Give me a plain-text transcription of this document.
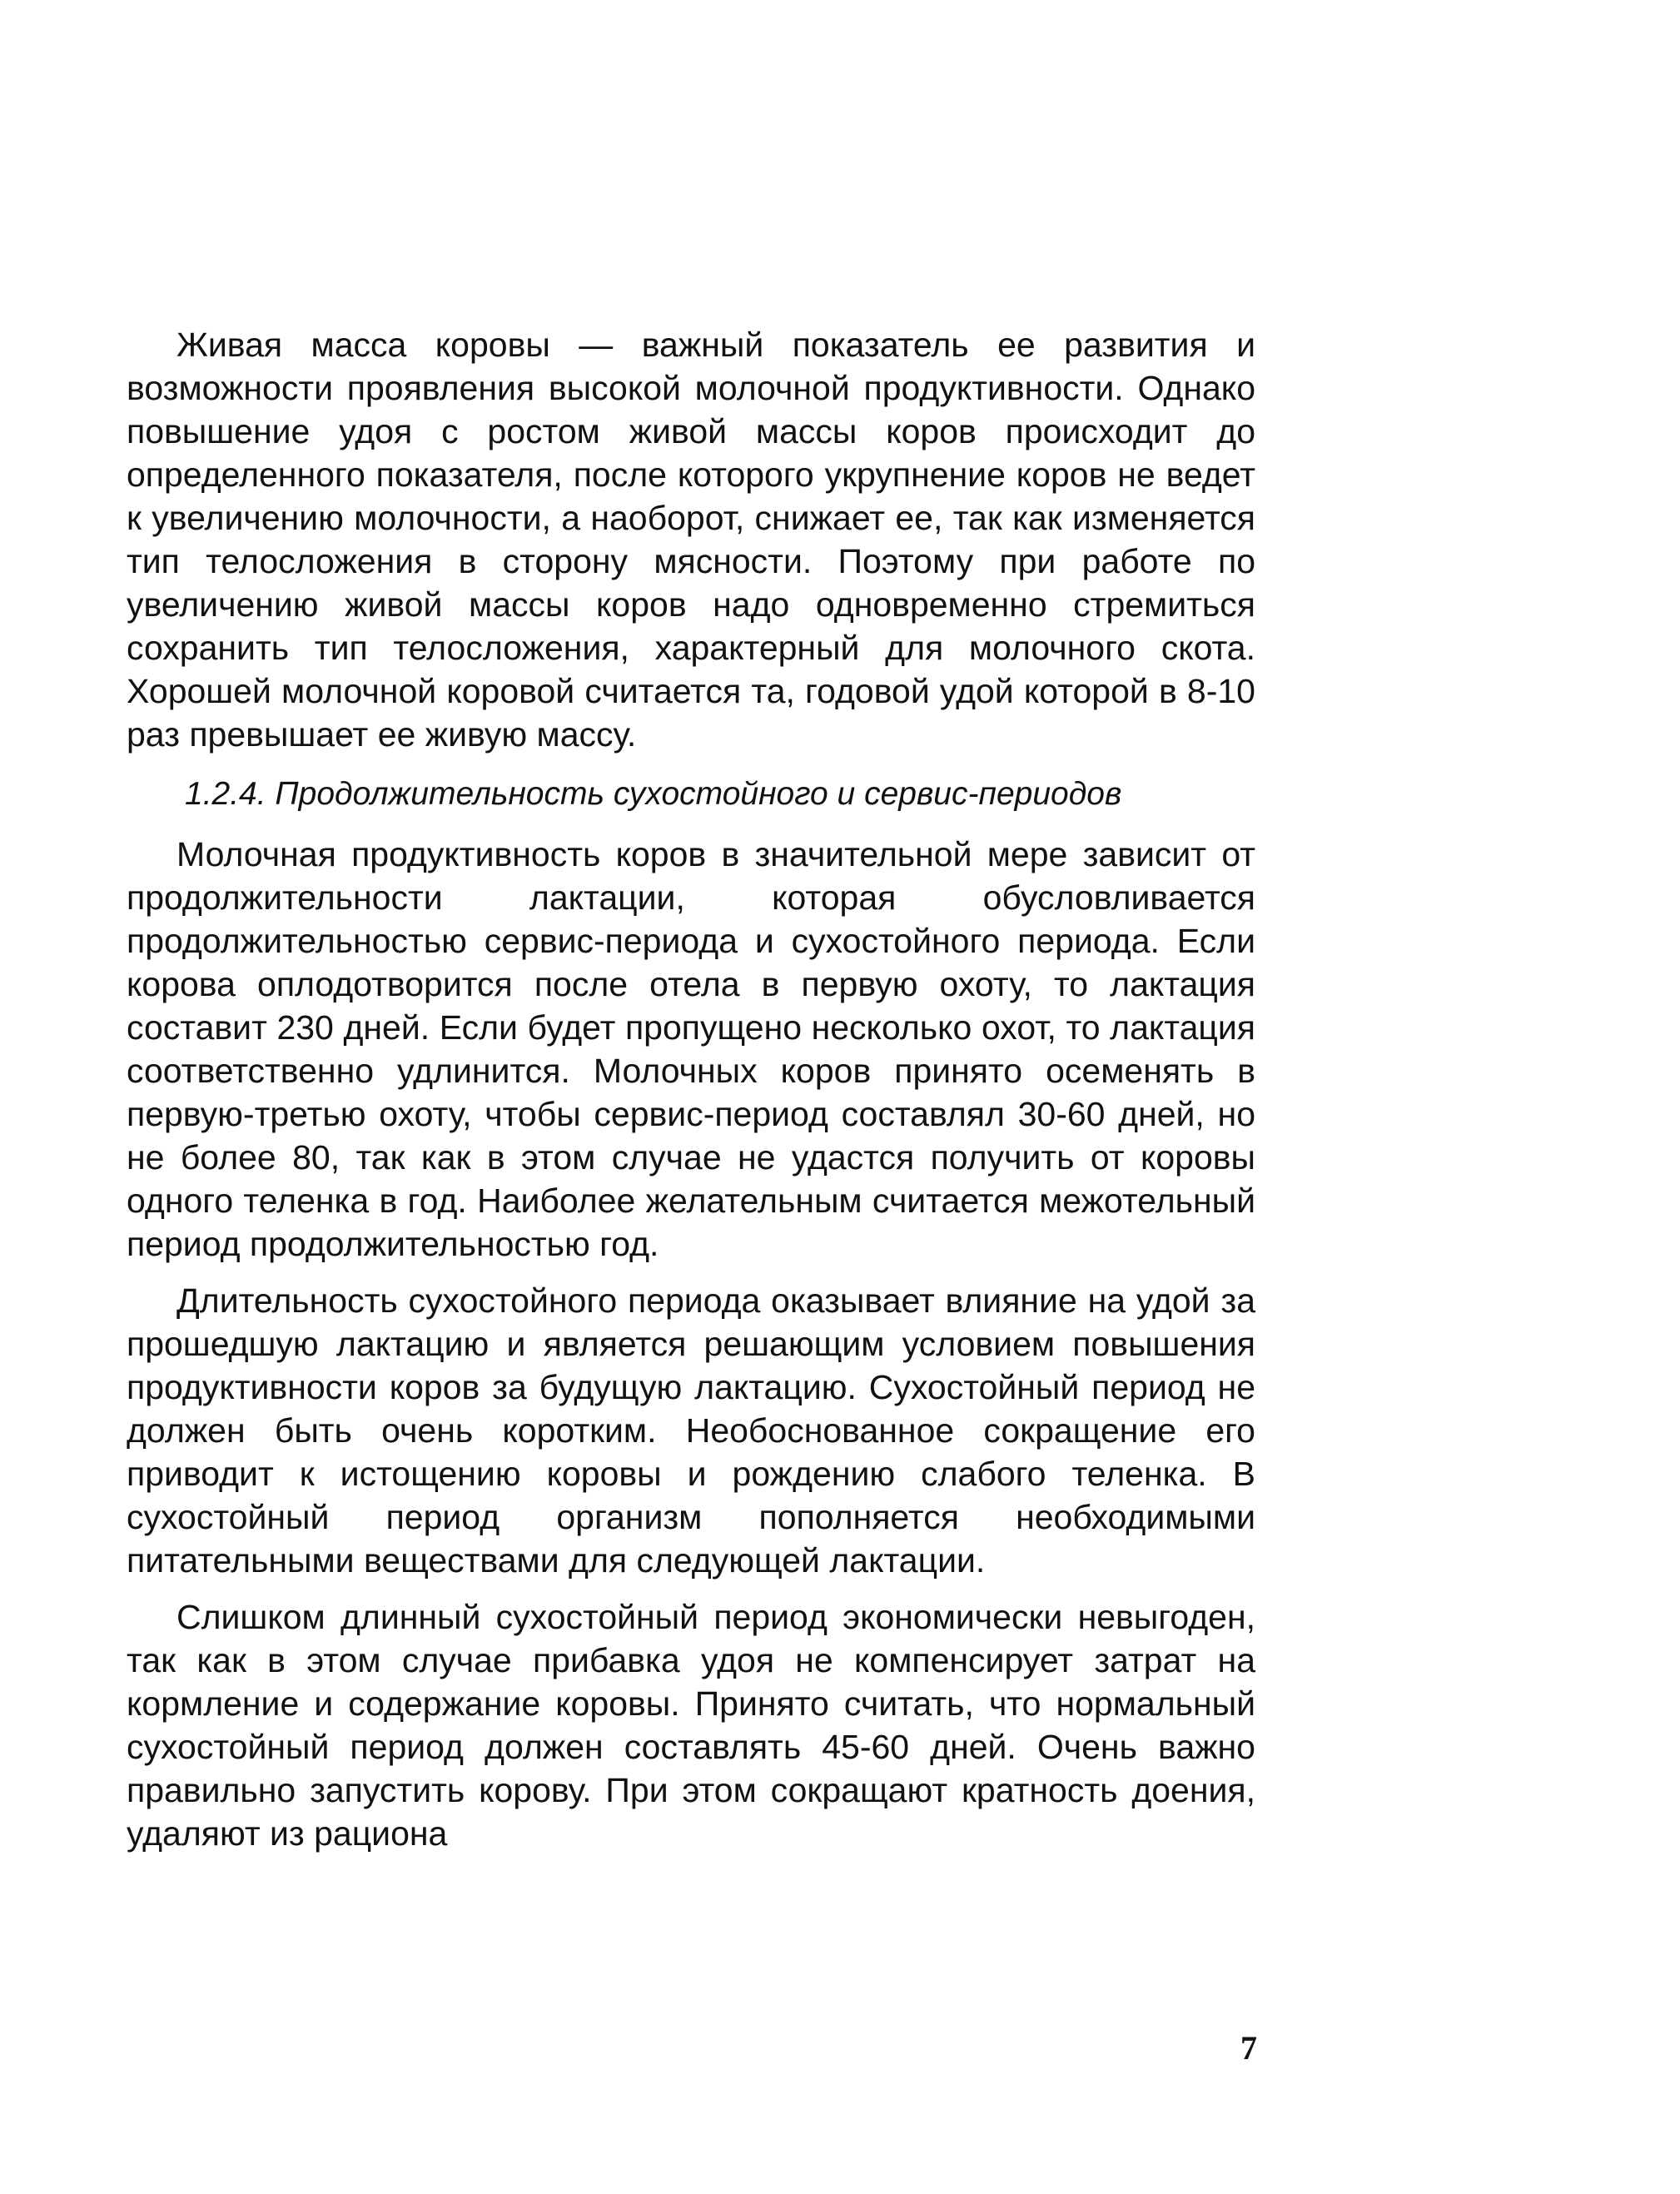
Живая масса коровы — важный показатель ее развития и возможности проявления высокой молочной продуктивности. Однако повышение удоя с ростом живой массы коров происходит до определенного показателя, после которого укрупнение коров не ведет к увеличению молочности, а наоборот, снижает ее, так как изменяется тип телосложения в сторону мясности. Поэтому при работе по увеличению живой массы коров надо одновременно стремиться сохранить тип телосложения, характерный для молочного скота. Хорошей молочной коровой считается та, годовой удой которой в 8-10 раз превышает ее живую массу.

1.2.4. Продолжительность сухостойного и сервис-периодов

Молочная продуктивность коров в значительной мере зависит от продолжительности лактации, которая обусловливается продолжительностью сервис-периода и сухостойного периода. Если корова оплодотворится после отела в первую охоту, то лактация составит 230 дней. Если будет пропущено несколько охот, то лактация соответственно удлинится. Молочных коров принято осеменять в первую-третью охоту, чтобы сервис-период составлял 30-60 дней, но не более 80, так как в этом случае не удастся получить от коровы одного теленка в год. Наиболее желательным считается межотельный период продолжительностью год.

Длительность сухостойного периода оказывает влияние на удой за прошедшую лактацию и является решающим условием повышения продуктивности коров за будущую лактацию. Сухостойный период не должен быть очень коротким. Необоснованное сокращение его приводит к истощению коровы и рождению слабого теленка. В сухостойный период организм пополняется необходимыми питательными веществами для следующей лактации.

Слишком длинный сухостойный период экономически невыгоден, так как в этом случае прибавка удоя не компенсирует затрат на кормление и содержание коровы. Принято считать, что нормальный сухостойный период должен составлять 45-60 дней. Очень важно правильно запустить корову. При этом сокращают кратность доения, удаляют из рациона

7
